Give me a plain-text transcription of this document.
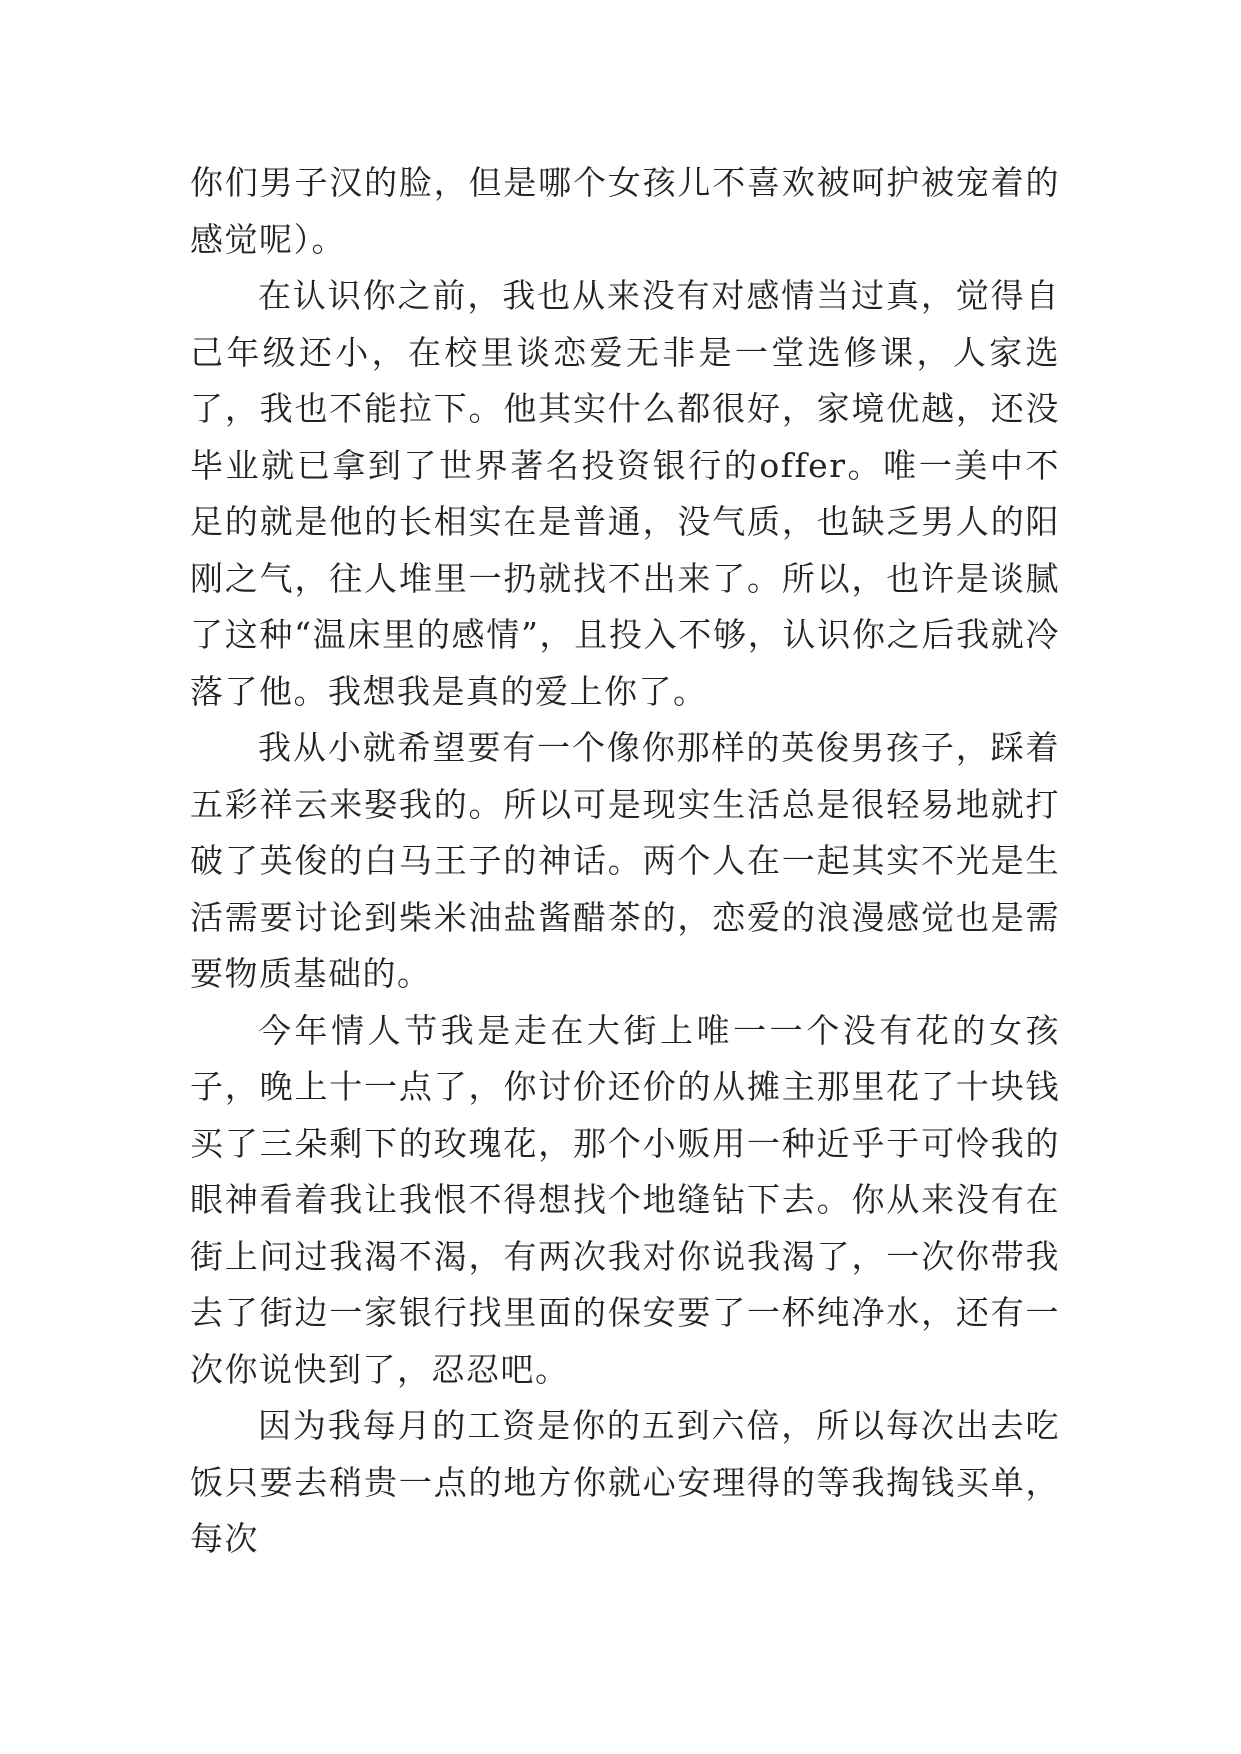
你们男子汉的脸，但是哪个女孩儿不喜欢被呵护被宠着的感觉呢）。

在认识你之前，我也从来没有对感情当过真，觉得自己年级还小，在校里谈恋爱无非是一堂选修课，人家选了，我也不能拉下。他其实什么都很好，家境优越，还没毕业就已拿到了世界著名投资银行的offer。唯一美中不足的就是他的长相实在是普通，没气质，也缺乏男人的阳刚之气，往人堆里一扔就找不出来了。所以，也许是谈腻了这种“温床里的感情”，且投入不够，认识你之后我就冷落了他。我想我是真的爱上你了。

我从小就希望要有一个像你那样的英俊男孩子，踩着五彩祥云来娶我的。所以可是现实生活总是很轻易地就打破了英俊的白马王子的神话。两个人在一起其实不光是生活需要讨论到柴米油盐酱醋茶的，恋爱的浪漫感觉也是需要物质基础的。

今年情人节我是走在大街上唯一一个没有花的女孩子，晚上十一点了，你讨价还价的从摊主那里花了十块钱买了三朵剩下的玫瑰花，那个小贩用一种近乎于可怜我的眼神看着我让我恨不得想找个地缝钻下去。你从来没有在街上问过我渴不渴，有两次我对你说我渴了，一次你带我去了街边一家银行找里面的保安要了一杯纯净水，还有一次你说快到了，忍忍吧。

因为我每月的工资是你的五到六倍，所以每次出去吃饭只要去稍贵一点的地方你就心安理得的等我掏钱买单，每次
